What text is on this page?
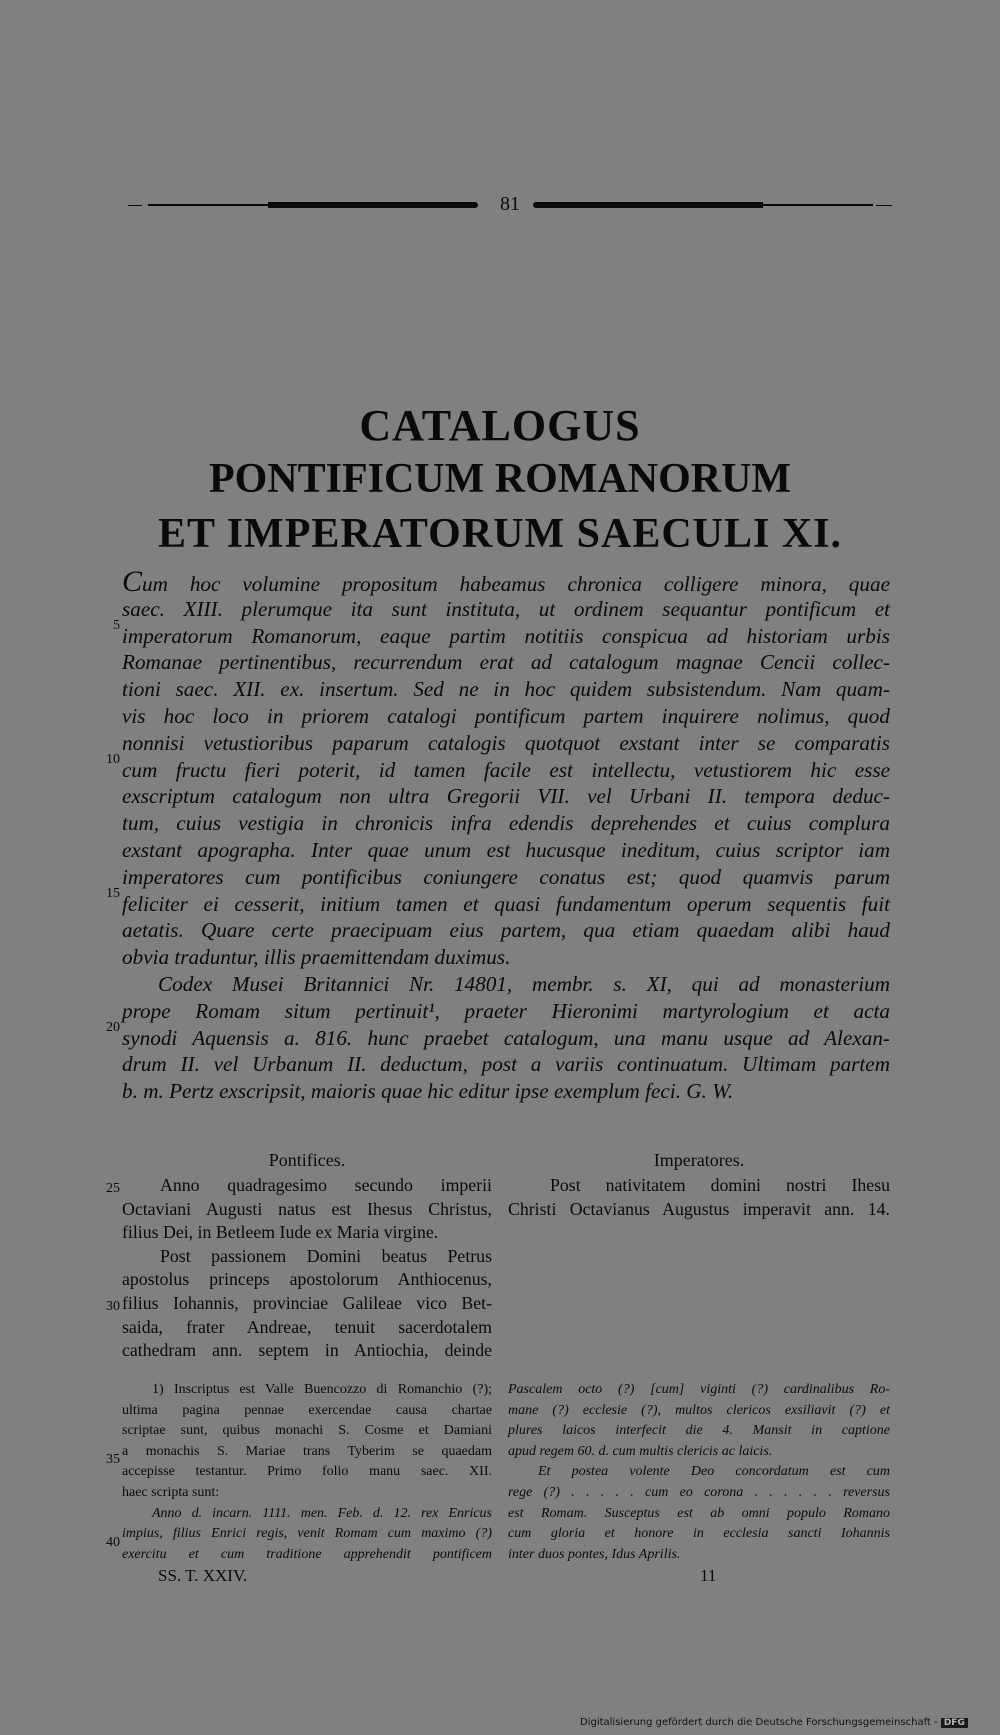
81
CATALOGUS
PONTIFICUM ROMANORUM
ET IMPERATORUM SAECULI XI.
Cum hoc volumine propositum habeamus chronica colligere minora, quae
saec. XIII. plerumque ita sunt instituta, ut ordinem sequantur pontificum et
imperatorum Romanorum, eaque partim notitiis conspicua ad historiam urbis
Romanae pertinentibus, recurrendum erat ad catalogum magnae Cencii collec-
tioni saec. XII. ex. insertum. Sed ne in hoc quidem subsistendum. Nam quam-
vis hoc loco in priorem catalogi pontificum partem inquirere nolimus, quod
nonnisi vetustioribus paparum catalogis quotquot exstant inter se comparatis
cum fructu fieri poterit, id tamen facile est intellectu, vetustiorem hic esse
exscriptum catalogum non ultra Gregorii VII. vel Urbani II. tempora deduc-
tum, cuius vestigia in chronicis infra edendis deprehendes et cuius complura
exstant apographa. Inter quae unum est hucusque ineditum, cuius scriptor iam
imperatores cum pontificibus coniungere conatus est; quod quamvis parum
feliciter ei cesserit, initium tamen et quasi fundamentum operum sequentis fuit
aetatis. Quare certe praecipuam eius partem, qua etiam quaedam alibi haud
obvia traduntur, illis praemittendam duximus.
Codex Musei Britannici Nr. 14801, membr. s. XI, qui ad monasterium
prope Romam situm pertinuit¹, praeter Hieronimi martyrologium et acta
synodi Aquensis a. 816. hunc praebet catalogum, una manu usque ad Alexan-
drum II. vel Urbanum II. deductum, post a variis continuatum. Ultimam partem
b. m. Pertz exscripsit, maioris quae hic editur ipse exemplum feci. G. W.
5
10
15
20
Pontifices.	Imperatores.
Anno quadragesimo secundo imperii
Octaviani Augusti natus est Ihesus Christus,
filius Dei, in Betleem Iude ex Maria virgine.
Post passionem Domini beatus Petrus
apostolus princeps apostolorum Anthiocenus,
filius Iohannis, provinciae Galileae vico Bet-
saida, frater Andreae, tenuit sacerdotalem
cathedram ann. septem in Antiochia, deinde
25
30
Post nativitatem domini nostri Ihesu
Christi Octavianus Augustus imperavit ann. 14.
1) Inscriptus est Valle Buencozzo di Romanchio (?);
ultima pagina pennae exercendae causa chartae
scriptae sunt, quibus monachi S. Cosme et Damiani
a monachis S. Mariae trans Tyberim se quaedam
accepisse testantur. Primo folio manu saec. XII.
haec scripta sunt:
Anno d. incarn. 1111. men. Feb. d. 12. rex Enricus
impius, filius Enrici regis, venit Romam cum maximo (?)
exercitu et cum traditione apprehendit pontificem
Pascalem octo (?) [cum] viginti (?) cardinalibus Ro-
mane (?) ecclesie (?), multos clericos exsiliavit (?) et
plures laicos interfecit die 4. Mansit in captione
apud regem 60. d. cum multis clericis ac laicis.
Et postea volente Deo concordatum est cum
rege (?) . . . . . cum eo corona . . . . . . reversus
est Romam. Susceptus est ab omni populo Romano
cum gloria et honore in ecclesia sancti Iohannis
inter duos pontes, Idus Aprilis.
35
40
SS. T. XXIV.	11
Digitalisierung gefördert durch die Deutsche Forschungsgemeinschaft - DFG
